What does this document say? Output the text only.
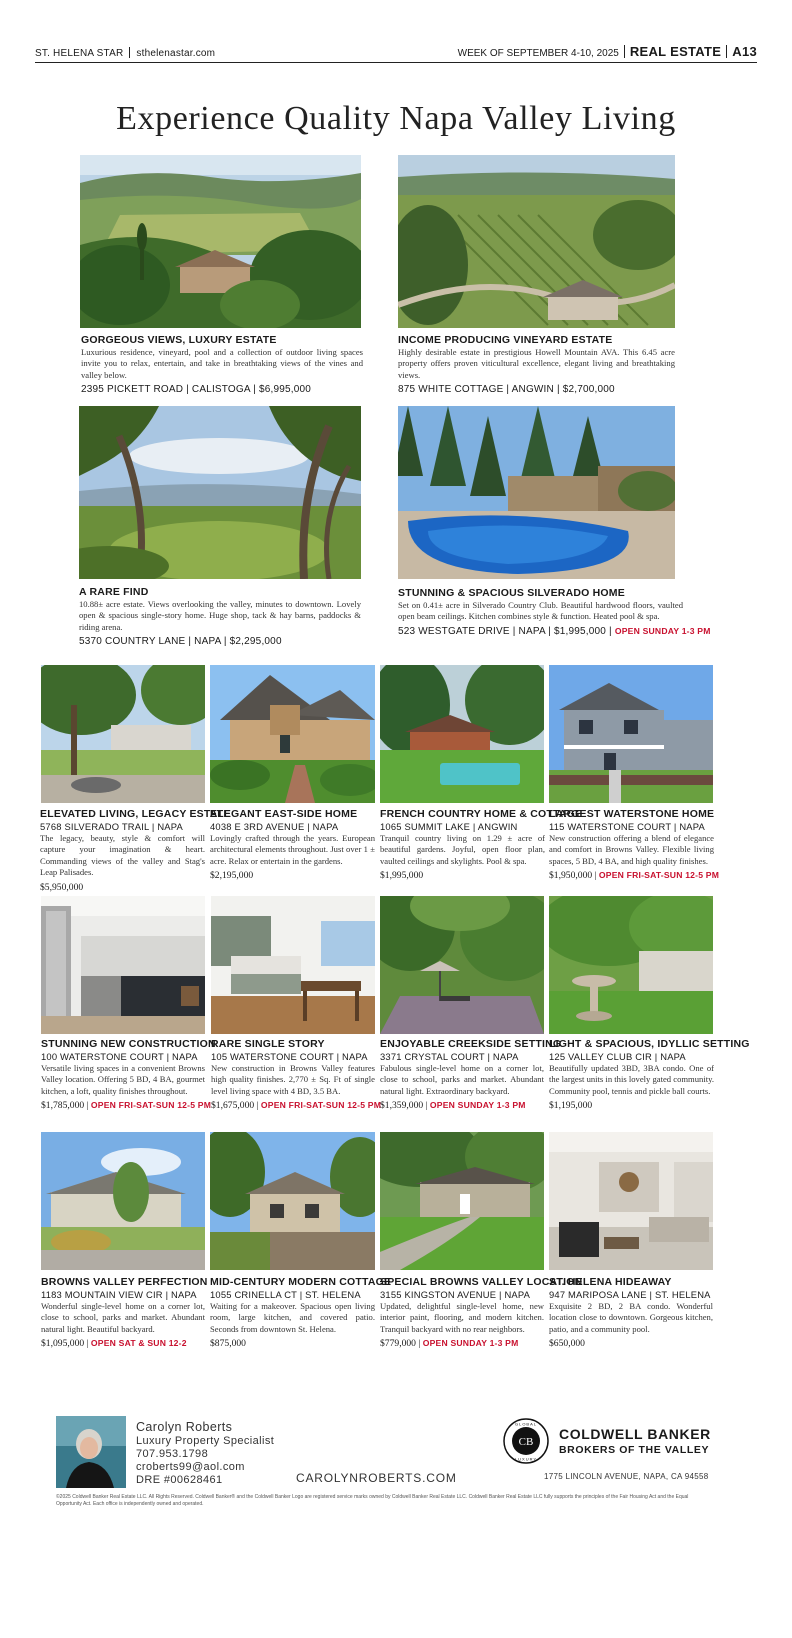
ST. HELENA STAR sthelenastar.com	WEEK OF SEPTEMBER 4-10, 2025 REAL ESTATE A13
Experience Quality Napa Valley Living
GORGEOUS VIEWS, LUXURY ESTATE
Luxurious residence, vineyard, pool and a collection of outdoor living spaces invite you to relax, entertain, and take in breathtaking views of the vines and valley below.
2395 PICKETT ROAD | CALISTOGA | $6,995,000
INCOME PRODUCING VINEYARD ESTATE
Highly desirable estate in prestigious Howell Mountain AVA. This 6.45 acre property offers proven viticultural excellence, elegant living and breathtaking views.
875 WHITE COTTAGE | ANGWIN | $2,700,000
A RARE FIND
10.88± acre estate. Views overlooking the valley, minutes to downtown. Lovely open & spacious single-story home. Huge shop, tack & hay barns, paddocks & riding arena.
5370 COUNTRY LANE | NAPA | $2,295,000
STUNNING & SPACIOUS SILVERADO HOME
Set on 0.41± acre in Silverado Country Club. Beautiful hardwood floors, vaulted open beam ceilings. Kitchen combines style & function. Heated pool & spa.
523 WESTGATE DRIVE | NAPA | $1,995,000 | OPEN SUNDAY 1-3 PM
ELEVATED LIVING, LEGACY ESTATE
5768 SILVERADO TRAIL | NAPA
The legacy, beauty, style & comfort will capture your imagination & heart. Commanding views of the valley and Stag's Leap Palisades.
$5,950,000
ELEGANT EAST-SIDE HOME
4038 E 3RD AVENUE | NAPA
Lovingly crafted through the years. European architectural elements throughout. Just over 1 ± acre. Relax or entertain in the gardens.
$2,195,000
FRENCH COUNTRY HOME & COTTAGE
1065 SUMMIT LAKE | ANGWIN
Tranquil country living on 1.29 ± acre of beautiful gardens. Joyful, open floor plan, vaulted ceilings and skylights. Pool & spa.
$1,995,000
LARGEST WATERSTONE HOME
115 WATERSTONE COURT | NAPA
New construction offering a blend of elegance and comfort in Browns Valley. Flexible living spaces, 5 BD, 4 BA, and high quality finishes.
$1,950,000 | OPEN FRI-SAT-SUN 12-5 PM
STUNNING NEW CONSTRUCTION
100 WATERSTONE COURT | NAPA
Versatile living spaces in a convenient Browns Valley location. Offering 5 BD, 4 BA, gourmet kitchen, a loft, quality finishes throughout.
$1,785,000 | OPEN FRI-SAT-SUN 12-5 PM
RARE SINGLE STORY
105 WATERSTONE COURT | NAPA
New construction in Browns Valley features high quality finishes. 2,770 ± Sq. Ft of single level living space with 4 BD, 3.5 BA.
$1,675,000 | OPEN FRI-SAT-SUN 12-5 PM
ENJOYABLE CREEKSIDE SETTING
3371 CRYSTAL COURT | NAPA
Fabulous single-level home on a corner lot, close to school, parks and market. Abundant natural light. Extraordinary backyard.
$1,359,000 | OPEN SUNDAY 1-3 PM
LIGHT & SPACIOUS, IDYLLIC SETTING
125 VALLEY CLUB CIR | NAPA
Beautifully updated 3BD, 3BA condo. One of the largest units in this lovely gated community. Community pool, tennis and pickle ball courts.
$1,195,000
BROWNS VALLEY PERFECTION
1183 MOUNTAIN VIEW CIR | NAPA
Wonderful single-level home on a corner lot, close to school, parks and market. Abundant natural light. Beautiful backyard.
$1,095,000 | OPEN SAT & SUN 12-2
MID-CENTURY MODERN COTTAGE
1055 CRINELLA CT | ST. HELENA
Waiting for a makeover. Spacious open living room, large kitchen, and covered patio. Seconds from downtown St. Helena.
$875,000
SPECIAL BROWNS VALLEY LOCATION
3155 KINGSTON AVENUE | NAPA
Updated, delightful single-level home, new interior paint, flooring, and modern kitchen. Tranquil backyard with no rear neighbors.
$779,000 | OPEN SUNDAY 1-3 PM
ST. HELENA HIDEAWAY
947 MARIPOSA LANE | ST. HELENA
Exquisite 2 BD, 2 BA condo. Wonderful location close to downtown. Gorgeous kitchen, patio, and a community pool.
$650,000
Carolyn Roberts
Luxury Property Specialist
707.953.1798
croberts99@aol.com
DRE #00628461	CAROLYNROBERTS.COM
CB
GLOBAL
LUXURY
COLDWELL BANKER
BROKERS OF THE VALLEY
1775 LINCOLN AVENUE, NAPA, CA 94558
©2025 Coldwell Banker Real Estate LLC. All Rights Reserved. Coldwell Banker® and the Coldwell Banker Logo are registered service marks owned by Coldwell Banker Real Estate LLC. Coldwell Banker Real Estate LLC fully supports the principles of the Fair Housing Act and the Equal Opportunity Act. Each office is independently owned and operated.
